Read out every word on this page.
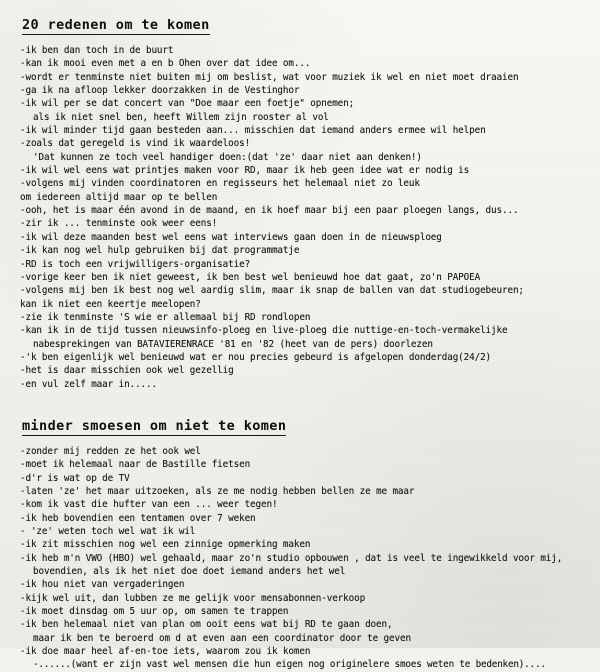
20 redenen om te komen
-ik ben dan toch in de buurt
-kan ik mooi even met a en b Ohen over dat idee om...
-wordt er tenminste niet buiten mij om beslist, wat voor muziek ik wel en niet moet draaien
-ga ik na afloop lekker doorzakken in de Vestinghor
-ik wil per se dat concert van "Doe maar een foetje" opnemen;
als ik niet snel ben, heeft Willem zijn rooster al vol
-ik wil minder tijd gaan besteden aan... misschien dat iemand anders ermee wil helpen
-zoals dat geregeld is vind ik waardeloos!
'Dat kunnen ze toch veel handiger doen:(dat 'ze' daar niet aan denken!)
-ik wil wel eens wat printjes maken voor RD, maar ik heb geen idee wat er nodig is
-volgens mij vinden coordinatoren en regisseurs het helemaal niet zo leuk
om iedereen altijd maar op te bellen
-ooh, het is maar één avond in de maand, en ik hoef maar bij een paar ploegen langs, dus...
-zir ik ... tenminste ook weer eens!
-ik wil deze maanden best wel eens wat interviews gaan doen in de nieuwsploeg
-ik kan nog wel hulp gebruiken bij dat programmatje
-RD is toch een vrijwilligers-organisatie?
-vorige keer ben ik niet geweest, ik ben best wel benieuwd hoe dat gaat, zo'n PAPOEA
-volgens mij ben ik best nog wel aardig slim, maar ik snap de ballen van dat studiogebeuren;
kan ik niet een keertje meelopen?
-zie ik tenminste 'S wie er allemaal bij RD rondlopen
-kan ik in de tijd tussen nieuwsinfo-ploeg en live-ploeg die nuttige-en-toch-vermakelijke
nabesprekingen van BATAVIERENRACE '81 en '82 (heet van de pers) doorlezen
-'k ben eigenlijk wel benieuwd wat er nou precies gebeurd is afgelopen donderdag(24/2)
-het is daar misschien ook wel gezellig
-en vul zelf maar in.....
minder smoesen om niet te komen
-zonder mij redden ze het ook wel
-moet ik helemaal naar de Bastille fietsen
-d'r is wat op de TV
-laten 'ze' het maar uitzoeken, als ze me nodig hebben bellen ze me maar
-kom ik vast die hufter van een ... weer tegen!
-ik heb bovendien een tentamen over 7 weken
- 'ze' weten toch wel wat ik wil
-ik zit misschien nog wel een zinnige opmerking maken
-ik heb m'n VWO (HBO) wel gehaald, maar zo'n studio opbouwen , dat is veel te ingewikkeld voor mij,
bovendien, als ik het niet doe doet iemand anders het wel
-ik hou niet van vergaderingen
-kijk wel uit, dan lubben ze me gelijk voor mensabonnen-verkoop
-ik moet dinsdag om 5 uur op, om samen te trappen
-ik ben helemaal niet van plan om ooit eens wat bij RD te gaan doen,
maar ik ben te beroerd om d at even aan een coordinator door te geven
-ik doe maar heel af-en-toe iets, waarom zou ik komen
-......(want er zijn vast wel mensen die hun eigen nog originelere smoes weten te bedenken)....
